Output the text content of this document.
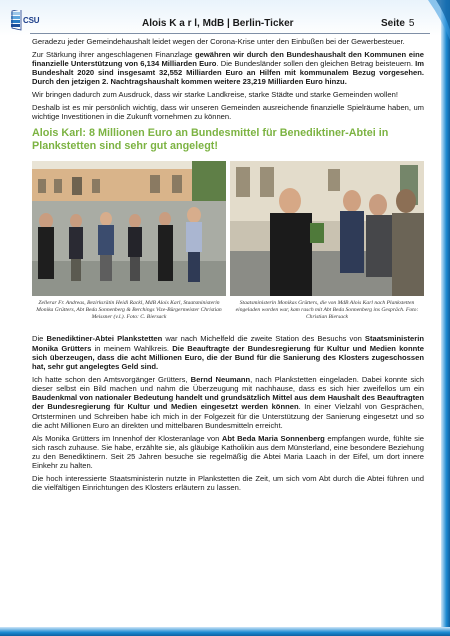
CSU	Alois K a r l, MdB | Berlin-Ticker	Seite 5

Geradezu jeder Gemeindehaushalt leidet wegen der Corona-Krise unter den Einbußen bei der Gewerbesteuer.

Zur Stärkung ihrer angeschlagenen Finanzlage gewähren wir durch den Bundeshaushalt den Kommunen eine finanzielle Unterstützung von 6,134 Milliarden Euro. Die Bundesländer sollen den gleichen Betrag beisteuern. Im Bundeshalt 2020 sind insgesamt 32,552 Milliarden Euro an Hilfen mit kommunalem Bezug vorgesehen. Durch den jetzigen 2. Nachtragshaushalt kommen weitere 23,219 Milliarden Euro hinzu.

Wir bringen dadurch zum Ausdruck, dass wir starke Landkreise, starke Städte und starke Gemeinden wollen!

Deshalb ist es mir persönlich wichtig, dass wir unseren Gemeinden ausreichende finanzielle Spielräume haben, um wichtige Investitionen in die Zukunft vornehmen zu können.

Alois Karl: 8 Millionen Euro an Bundesmittel für Benediktiner-Abtei in Plankstetten sind sehr gut angelegt!
Zellerar Fr. Andreas, Bezirksrätin Heidi Rackl, MdB Alois Karl, Staatsministerin Monika Grütters, Abt Beda Sonnenberg & Berchings Vize-Bürgermeister Christian Meissner (v.l.). Foto: C. Biersack
Staatsministerin Monikas Grütters, die von MdB Alois Karl nach Plankstetten eingeladen worden war, kam rasch mit Abt Beda Sonnenberg ins Gespräch. Foto: Christian Biersack

Die Benediktiner-Abtei Plankstetten war nach Michelfeld die zweite Station des Besuchs von Staatsministerin Monika Grütters in meinem Wahlkreis. Die Beauftragte der Bundesregierung für Kultur und Medien konnte sich überzeugen, dass die acht Millionen Euro, die der Bund für die Sanierung des Klosters zugeschossen hat, sehr gut angelegtes Geld sind.

Ich hatte schon den Amtsvorgänger Grütters, Bernd Neumann, nach Plankstetten eingeladen. Dabei konnte sich dieser selbst ein Bild machen und nahm die Überzeugung mit nachhause, dass es sich hier zweifellos um ein Baudenkmal von nationaler Bedeutung handelt und grundsätzlich Mittel aus dem Haushalt des Beauftragten der Bundesregierung für Kultur und Medien eingesetzt werden können. In einer Vielzahl von Gesprächen, Ortsterminen und Schreiben habe ich mich in der Folgezeit für die Unterstützung der Sanierung eingesetzt und so die acht Millionen Euro an direkten und mittelbaren Bundesmitteln erreicht.

Als Monika Grütters im Innenhof der Klosteranlage von Abt Beda Maria Sonnenberg empfangen wurde, fühlte sie sich rasch zuhause. Sie habe, erzählte sie, als gläubige Katholikin aus dem Münsterland, eine besondere Beziehung zu den Benediktinern. Seit 25 Jahren besuche sie regelmäßig die Abtei Maria Laach in der Eifel, um dort innere Einkehr zu halten.

Die hoch interessierte Staatsministerin nutzte in Plankstetten die Zeit, um sich vom Abt durch die Abtei führen und die vielfältigen Einrichtungen des Klosters erläutern zu lassen.
